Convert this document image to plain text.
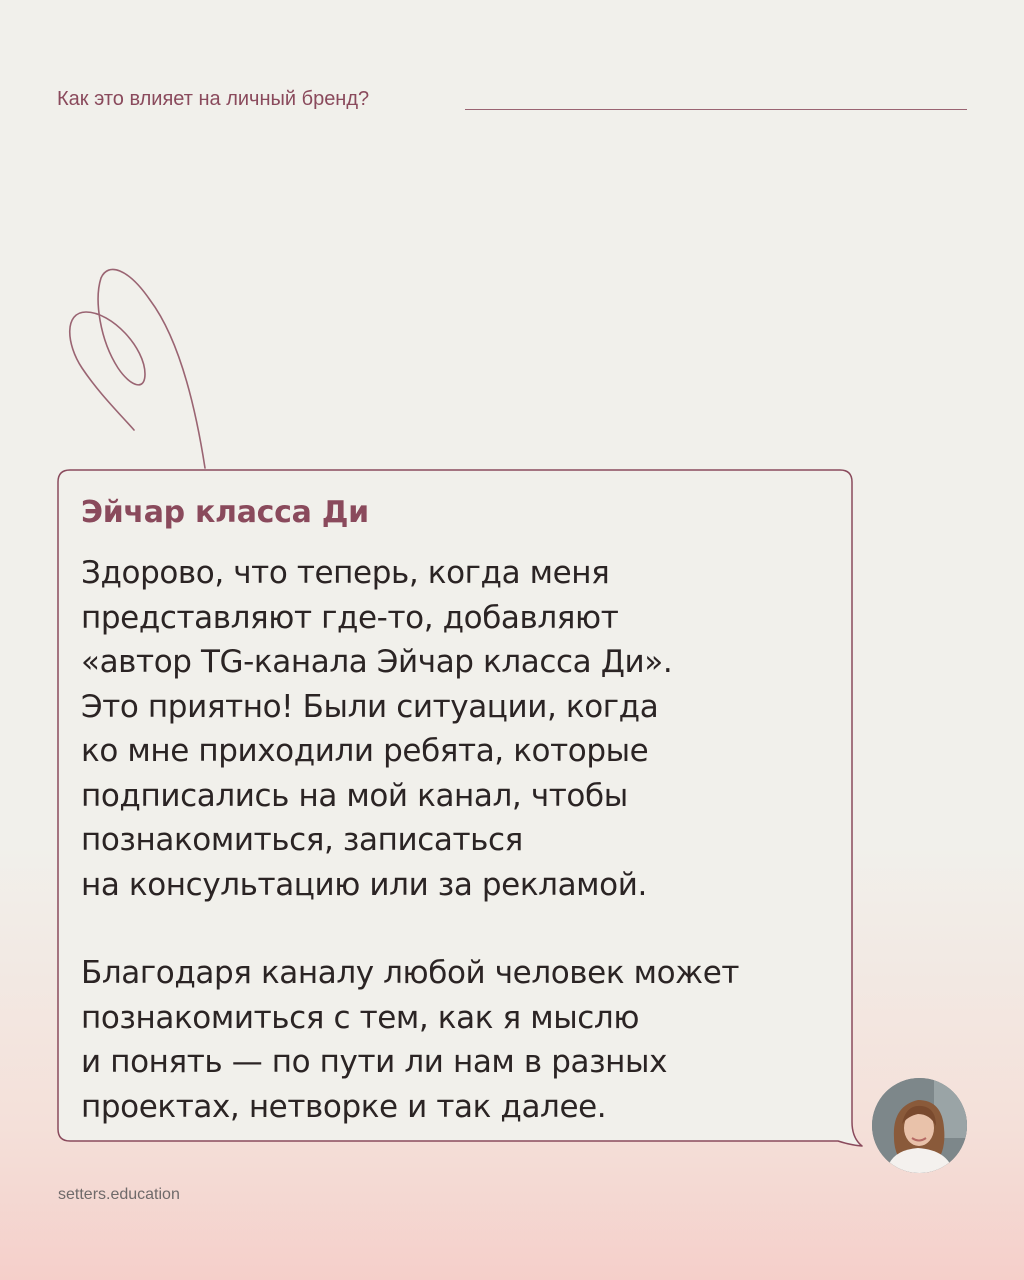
Как это влияет на личный бренд?
Эйчар класса Ди
Здорово, что теперь, когда меня
представляют где-то, добавляют
«автор TG-канала Эйчар класса Ди».
Это приятно! Были ситуации, когда
ко мне приходили ребята, которые
подписались на мой канал, чтобы
познакомиться, записаться
на консультацию или за рекламой.
Благодаря каналу любой человек может
познакомиться с тем, как я мыслю
и понять — по пути ли нам в разных
проектах, нетворке и так далее.
setters.education
